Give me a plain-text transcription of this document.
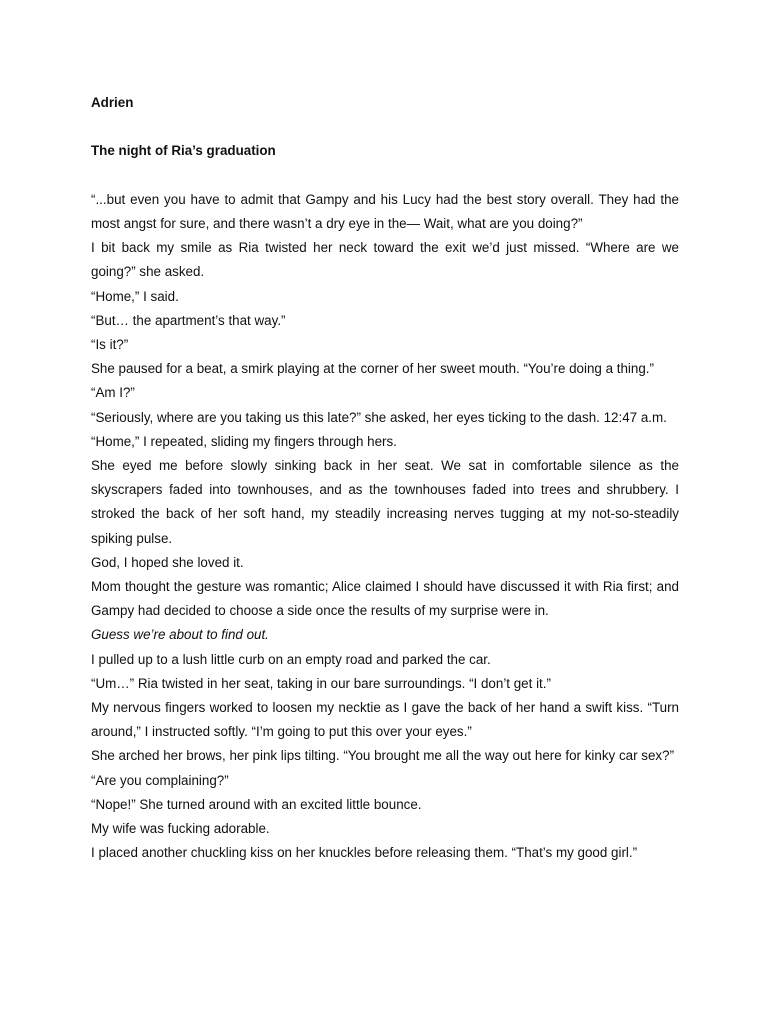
Adrien
The night of Ria’s graduation

“...but even you have to admit that Gampy and his Lucy had the best story overall. They had the most angst for sure, and there wasn’t a dry eye in the— Wait, what are you doing?”

I bit back my smile as Ria twisted her neck toward the exit we’d just missed. “Where are we going?” she asked.

“Home,” I said.

“But… the apartment’s that way.”

“Is it?”

She paused for a beat, a smirk playing at the corner of her sweet mouth. “You’re doing a thing.”

“Am I?”

“Seriously, where are you taking us this late?” she asked, her eyes ticking to the dash. 12:47 a.m.

“Home,” I repeated, sliding my fingers through hers.

She eyed me before slowly sinking back in her seat. We sat in comfortable silence as the skyscrapers faded into townhouses, and as the townhouses faded into trees and shrubbery. I stroked the back of her soft hand, my steadily increasing nerves tugging at my not-so-steadily spiking pulse.

God, I hoped she loved it.

Mom thought the gesture was romantic; Alice claimed I should have discussed it with Ria first; and Gampy had decided to choose a side once the results of my surprise were in.

Guess we’re about to find out.

I pulled up to a lush little curb on an empty road and parked the car.

“Um…” Ria twisted in her seat, taking in our bare surroundings. “I don’t get it.”

My nervous fingers worked to loosen my necktie as I gave the back of her hand a swift kiss. “Turn around,” I instructed softly. “I’m going to put this over your eyes.”

She arched her brows, her pink lips tilting. “You brought me all the way out here for kinky car sex?”

“Are you complaining?”

“Nope!” She turned around with an excited little bounce.

My wife was fucking adorable.

I placed another chuckling kiss on her knuckles before releasing them. “That’s my good girl.”
